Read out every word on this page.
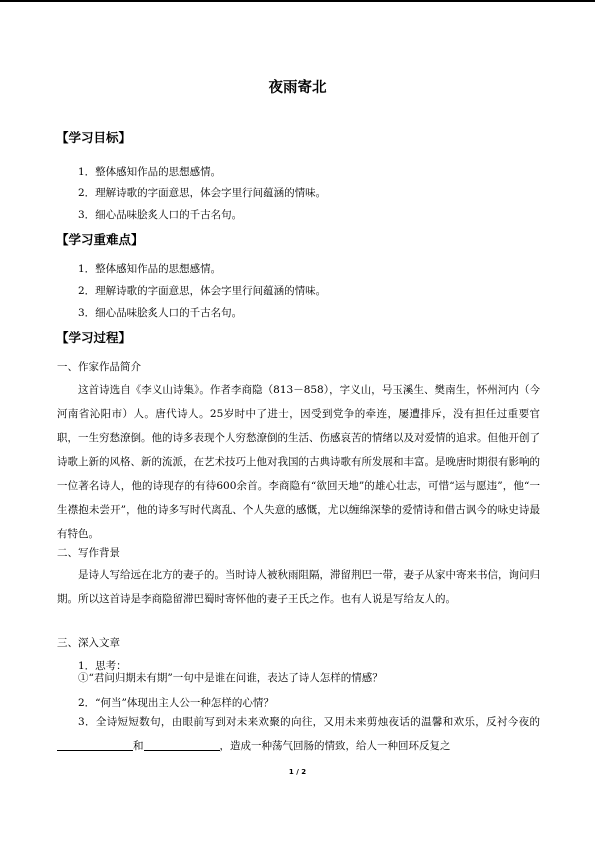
夜雨寄北
【学习目标】
1．整体感知作品的思想感情。
2．理解诗歌的字面意思，体会字里行间蕴涵的情味。
3．细心品味脍炙人口的千古名句。
【学习重难点】
1．整体感知作品的思想感情。
2．理解诗歌的字面意思，体会字里行间蕴涵的情味。
3．细心品味脍炙人口的千古名句。
【学习过程】
一、作家作品简介
这首诗选自《李义山诗集》。作者李商隐（813－858），字义山，号玉溪生、樊南生，怀州河内（今河南省沁阳市）人。唐代诗人。25岁时中了进士，因受到党争的牵连，屡遭排斥，没有担任过重要官职，一生穷愁潦倒。他的诗多表现个人穷愁潦倒的生活、伤感哀苦的情绪以及对爱情的追求。但他开创了诗歌上新的风格、新的流派，在艺术技巧上他对我国的古典诗歌有所发展和丰富。是晚唐时期很有影响的一位著名诗人，他的诗现存的有待600余首。李商隐有“欲回天地”的雄心壮志，可惜“运与愿违”，他“一生襟抱未尝开”，他的诗多写时代离乱、个人失意的感慨，尤以缠绵深挚的爱情诗和借古讽今的咏史诗最有特色。
二、写作背景
是诗人写给远在北方的妻子的。当时诗人被秋雨阻隔，滞留荆巴一带，妻子从家中寄来书信，询问归期。所以这首诗是李商隐留滞巴蜀时寄怀他的妻子王氏之作。也有人说是写给友人的。
三、深入文章
1．思考：
①“君问归期未有期”一句中是谁在问谁，表达了诗人怎样的情感？
2．“何当”体现出主人公一种怎样的心情？
3．全诗短短数句，由眼前写到对未来欢聚的向往，又用未来剪烛夜话的温馨和欢乐，反衬今夜的和	，造成一种荡气回肠的情致，给人一种回环反复之
1 / 2
